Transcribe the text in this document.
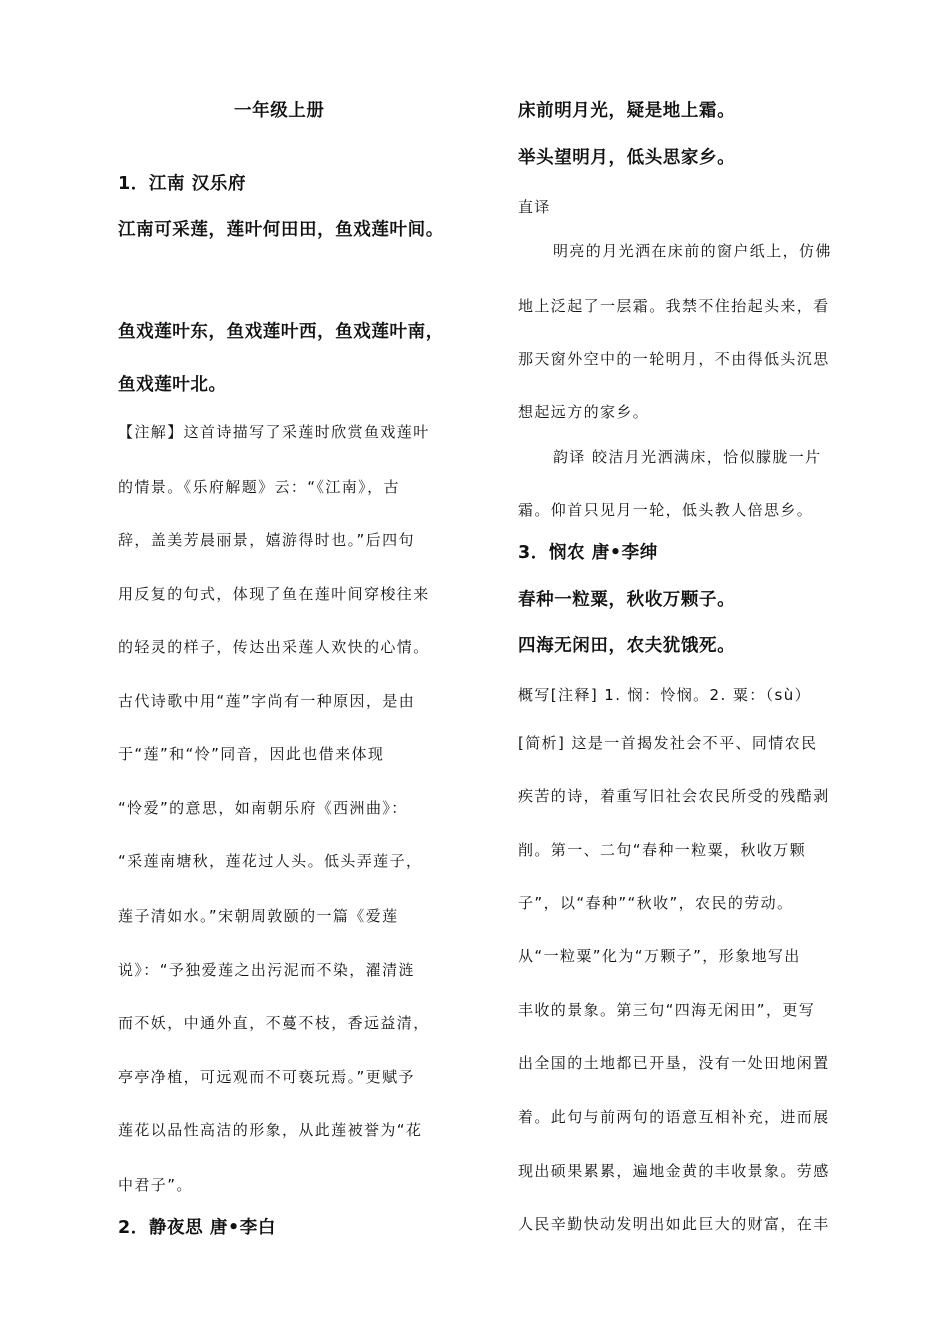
一年级上册
1．江南 汉乐府
江南可采莲，莲叶何田田，鱼戏莲叶间。
鱼戏莲叶东，鱼戏莲叶西，鱼戏莲叶南，
鱼戏莲叶北。
【注解】这首诗描写了采莲时欣赏鱼戏莲叶
的情景。《乐府解题》云：“《江南》，古
辞，盖美芳晨丽景，嬉游得时也。”后四句
用反复的句式，体现了鱼在莲叶间穿梭往来
的轻灵的样子，传达出采莲人欢快的心情。
古代诗歌中用“莲”字尚有一种原因，是由
于“莲”和“怜”同音，因此也借来体现
“怜爱”的意思，如南朝乐府《西洲曲》：
“采莲南塘秋，莲花过人头。低头弄莲子，
莲子清如水。”宋朝周敦颐的一篇《爱莲
说》：“予独爱莲之出污泥而不染，濯清涟
而不妖，中通外直，不蔓不枝，香远益清，
亭亭净植，可远观而不可亵玩焉。”更赋予
莲花以品性高洁的形象，从此莲被誉为“花
中君子”。
2．静夜思 唐•李白
床前明月光，疑是地上霜。
举头望明月，低头思家乡。
直译
明亮的月光洒在床前的窗户纸上，仿佛
地上泛起了一层霜。我禁不住抬起头来，看
那天窗外空中的一轮明月，不由得低头沉思
想起远方的家乡。
韵译 皎洁月光洒满床，恰似朦胧一片
霜。仰首只见月一轮，低头教人倍思乡。
3．悯农 唐•李绅
春种一粒粟，秋收万颗子。
四海无闲田，农夫犹饿死。
概写[注释] 1. 悯：怜悯。2. 粟：（sù）
[简析] 这是一首揭发社会不平、同情农民
疾苦的诗，着重写旧社会农民所受的残酷剥
削。第一、二句“春种一粒粟，秋收万颗
子”，以“春种”“秋收”，农民的劳动。
从“一粒粟”化为“万颗子”，形象地写出
丰收的景象。第三句“四海无闲田”，更写
出全国的土地都已开垦，没有一处田地闲置
着。此句与前两句的语意互相补充，进而展
现出硕果累累，遍地金黄的丰收景象。劳感
人民辛勤快动发明出如此巨大的财富，在丰
